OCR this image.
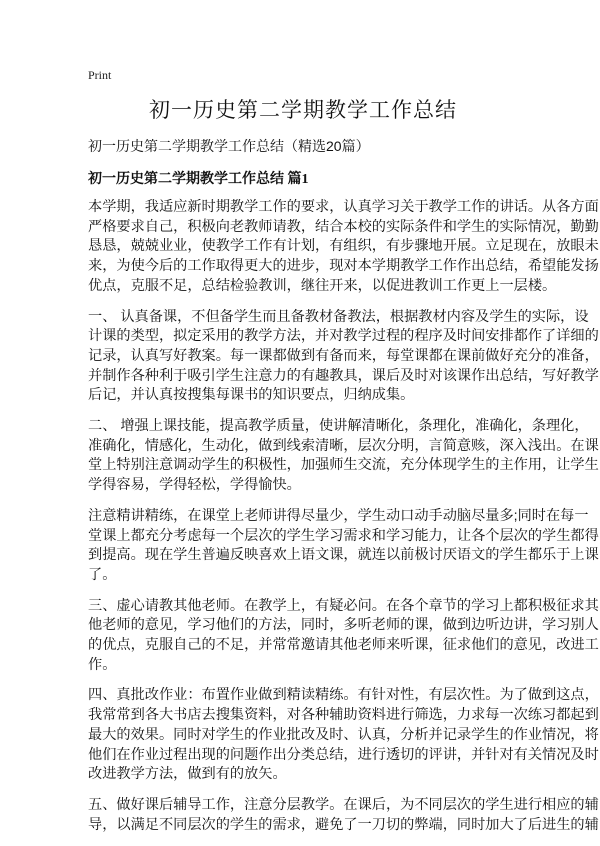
Print
初一历史第二学期教学工作总结
初一历史第二学期教学工作总结（精选20篇）
初一历史第二学期教学工作总结 篇1
本学期，我适应新时期教学工作的要求，认真学习关于教学工作的讲话。从各方面
严格要求自己，积极向老教师请教，结合本校的实际条件和学生的实际情况，勤勤
恳恳，兢兢业业，使教学工作有计划，有组织，有步骤地开展。立足现在，放眼未
来，为使今后的工作取得更大的进步，现对本学期教学工作作出总结，希望能发扬
优点，克服不足，总结检验教训，继往开来，以促进教训工作更上一层楼。
一、 认真备课，不但备学生而且备教材备教法，根据教材内容及学生的实际，设
计课的类型，拟定采用的教学方法，并对教学过程的程序及时间安排都作了详细的
记录，认真写好教案。每一课都做到有备而来，每堂课都在课前做好充分的准备，
并制作各种利于吸引学生注意力的有趣教具，课后及时对该课作出总结，写好教学
后记，并认真按搜集每课书的知识要点，归纳成集。
二、 增强上课技能，提高教学质量，使讲解清晰化，条理化，准确化，条理化，
准确化，情感化，生动化，做到线索清晰，层次分明，言简意赅，深入浅出。在课
堂上特别注意调动学生的积极性，加强师生交流，充分体现学生的主作用，让学生
学得容易，学得轻松，学得愉快。
注意精讲精练，在课堂上老师讲得尽量少，学生动口动手动脑尽量多;同时在每一
堂课上都充分考虑每一个层次的学生学习需求和学习能力，让各个层次的学生都得
到提高。现在学生普遍反映喜欢上语文课，就连以前极讨厌语文的学生都乐于上课
了。
三、虚心请教其他老师。在教学上，有疑必问。在各个章节的学习上都积极征求其
他老师的意见，学习他们的方法，同时，多听老师的课，做到边听边讲，学习别人
的优点，克服自己的不足，并常常邀请其他老师来听课，征求他们的意见，改进工
作。
四、真批改作业：布置作业做到精读精练。有针对性，有层次性。为了做到这点，
我常常到各大书店去搜集资料，对各种辅助资料进行筛选，力求每一次练习都起到
最大的效果。同时对学生的作业批改及时、认真，分析并记录学生的作业情况，将
他们在作业过程出现的问题作出分类总结，进行透切的评讲，并针对有关情况及时
改进教学方法，做到有的放矢。
五、做好课后辅导工作，注意分层教学。在课后，为不同层次的学生进行相应的辅
导，以满足不同层次的学生的需求，避免了一刀切的弊端，同时加大了后进生的辅
